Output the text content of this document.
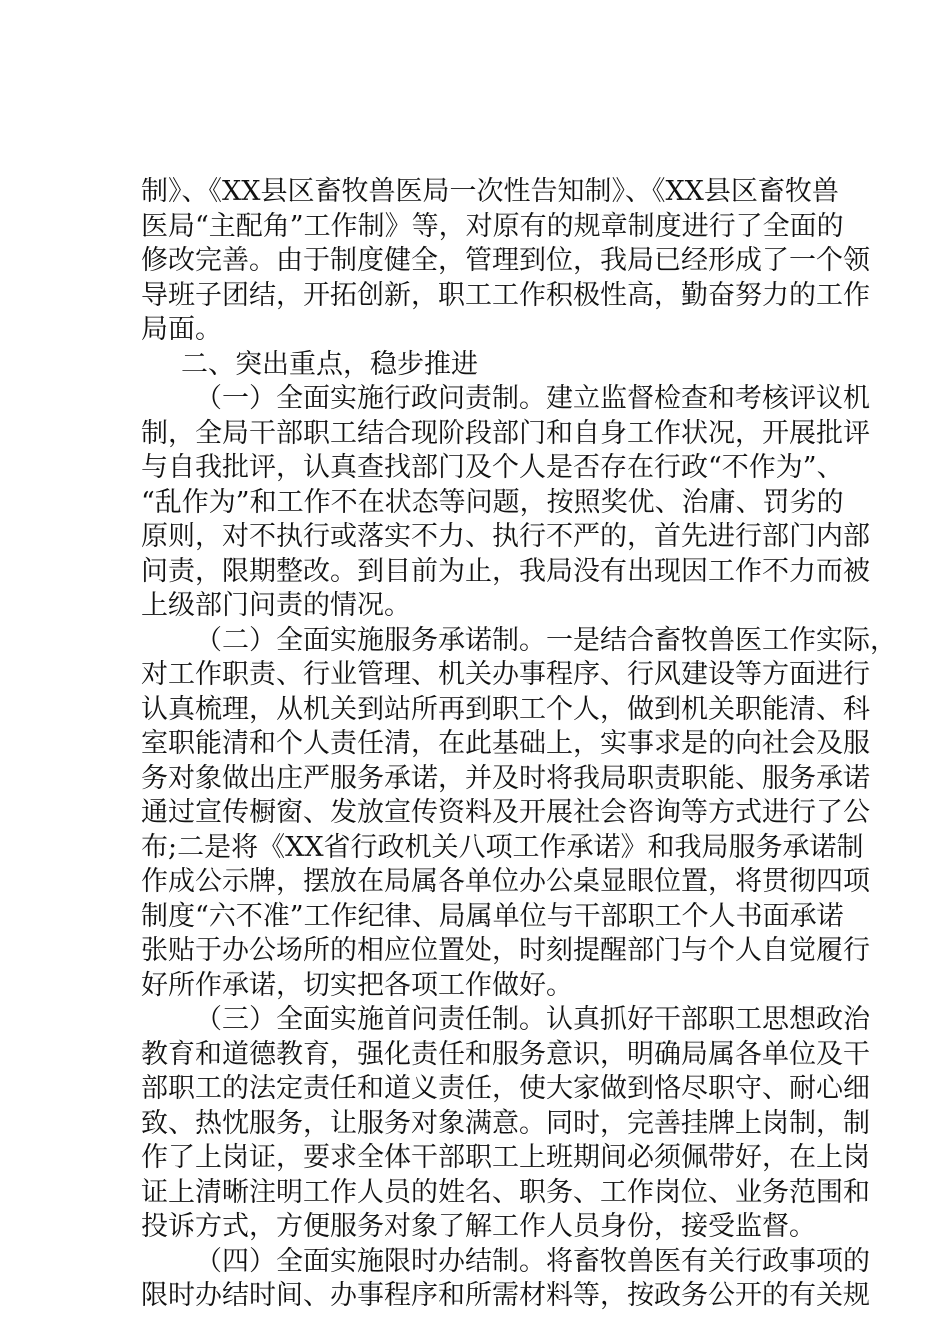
制》、《XX县区畜牧兽医局一次性告知制》、《XX县区畜牧兽
医局“主配角”工作制》等，对原有的规章制度进行了全面的
修改完善。由于制度健全，管理到位，我局已经形成了一个领
导班子团结，开拓创新，职工工作积极性高，勤奋努力的工作
局面。
二、突出重点，稳步推进
（一）全面实施行政问责制。建立监督检查和考核评议机
制，全局干部职工结合现阶段部门和自身工作状况，开展批评
与自我批评，认真查找部门及个人是否存在行政“不作为”、
“乱作为”和工作不在状态等问题，按照奖优、治庸、罚劣的
原则，对不执行或落实不力、执行不严的，首先进行部门内部
问责，限期整改。到目前为止，我局没有出现因工作不力而被
上级部门问责的情况。
（二）全面实施服务承诺制。一是结合畜牧兽医工作实际，
对工作职责、行业管理、机关办事程序、行风建设等方面进行
认真梳理，从机关到站所再到职工个人，做到机关职能清、科
室职能清和个人责任清，在此基础上，实事求是的向社会及服
务对象做出庄严服务承诺，并及时将我局职责职能、服务承诺
通过宣传橱窗、发放宣传资料及开展社会咨询等方式进行了公
布;二是将《XX省行政机关八项工作承诺》和我局服务承诺制
作成公示牌，摆放在局属各单位办公桌显眼位置，将贯彻四项
制度“六不准”工作纪律、局属单位与干部职工个人书面承诺
张贴于办公场所的相应位置处，时刻提醒部门与个人自觉履行
好所作承诺，切实把各项工作做好。
（三）全面实施首问责任制。认真抓好干部职工思想政治
教育和道德教育，强化责任和服务意识，明确局属各单位及干
部职工的法定责任和道义责任，使大家做到恪尽职守、耐心细
致、热忱服务，让服务对象满意。同时，完善挂牌上岗制，制
作了上岗证，要求全体干部职工上班期间必须佩带好，在上岗
证上清晰注明工作人员的姓名、职务、工作岗位、业务范围和
投诉方式，方便服务对象了解工作人员身份，接受监督。
（四）全面实施限时办结制。将畜牧兽医有关行政事项的
限时办结时间、办事程序和所需材料等，按政务公开的有关规
